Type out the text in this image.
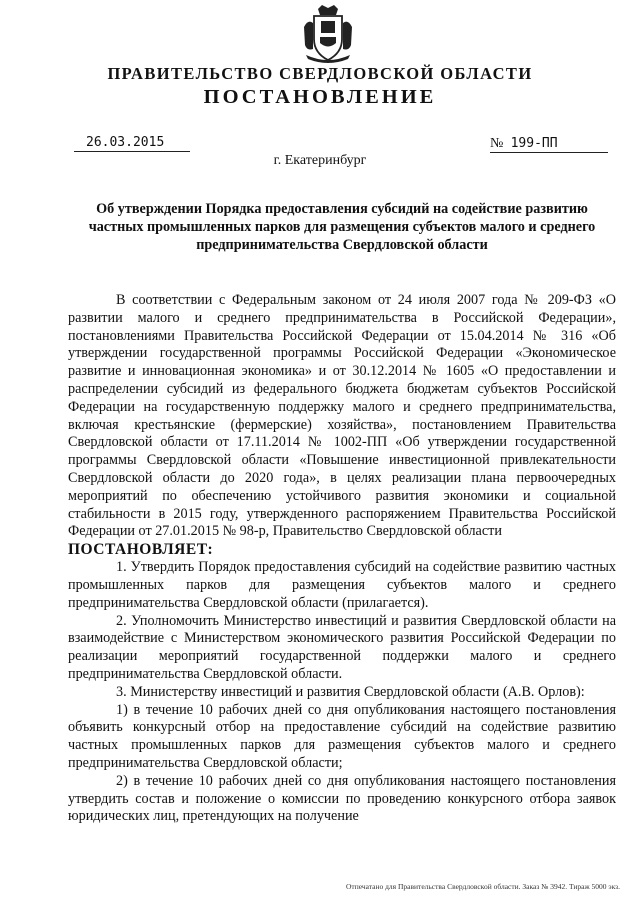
ПРАВИТЕЛЬСТВО СВЕРДЛОВСКОЙ ОБЛАСТИ
ПОСТАНОВЛЕНИЕ
26.03.2015	№ 199-ПП
г. Екатеринбург
Об утверждении Порядка предоставления субсидий на содействие развитию частных промышленных парков для размещения субъектов малого и среднего предпринимательства Свердловской области

В соответствии с Федеральным законом от 24 июля 2007 года № 209-ФЗ «О развитии малого и среднего предпринимательства в Российской Федерации», постановлениями Правительства Российской Федерации от 15.04.2014 № 316 «Об утверждении государственной программы Российской Федерации «Экономическое развитие и инновационная экономика» и от 30.12.2014 № 1605 «О предоставлении и распределении субсидий из федерального бюджета бюджетам субъектов Российской Федерации на государственную поддержку малого и среднего предпринимательства, включая крестьянские (фермерские) хозяйства», постановлением Правительства Свердловской области от 17.11.2014 № 1002-ПП «Об утверждении государственной программы Свердловской области «Повышение инвестиционной привлекательности Свердловской области до 2020 года», в целях реализации плана первоочередных мероприятий по обеспечению устойчивого развития экономики и социальной стабильности в 2015 году, утвержденного распоряжением Правительства Российской Федерации от 27.01.2015 № 98-р, Правительство Свердловской области

ПОСТАНОВЛЯЕТ:

1. Утвердить Порядок предоставления субсидий на содействие развитию частных промышленных парков для размещения субъектов малого и среднего предпринимательства Свердловской области (прилагается).

2. Уполномочить Министерство инвестиций и развития Свердловской области на взаимодействие с Министерством экономического развития Российской Федерации по реализации мероприятий государственной поддержки малого и среднего предпринимательства Свердловской области.

3. Министерству инвестиций и развития Свердловской области (А.В. Орлов):

1) в течение 10 рабочих дней со дня опубликования настоящего постановления объявить конкурсный отбор на предоставление субсидий на содействие развитию частных промышленных парков для размещения субъектов малого и среднего предпринимательства Свердловской области;

2) в течение 10 рабочих дней со дня опубликования настоящего постановления утвердить состав и положение о комиссии по проведению конкурсного отбора заявок юридических лиц, претендующих на получение

Отпечатано для Правительства Свердловской области. Заказ № 3942. Тираж 5000 экз.
